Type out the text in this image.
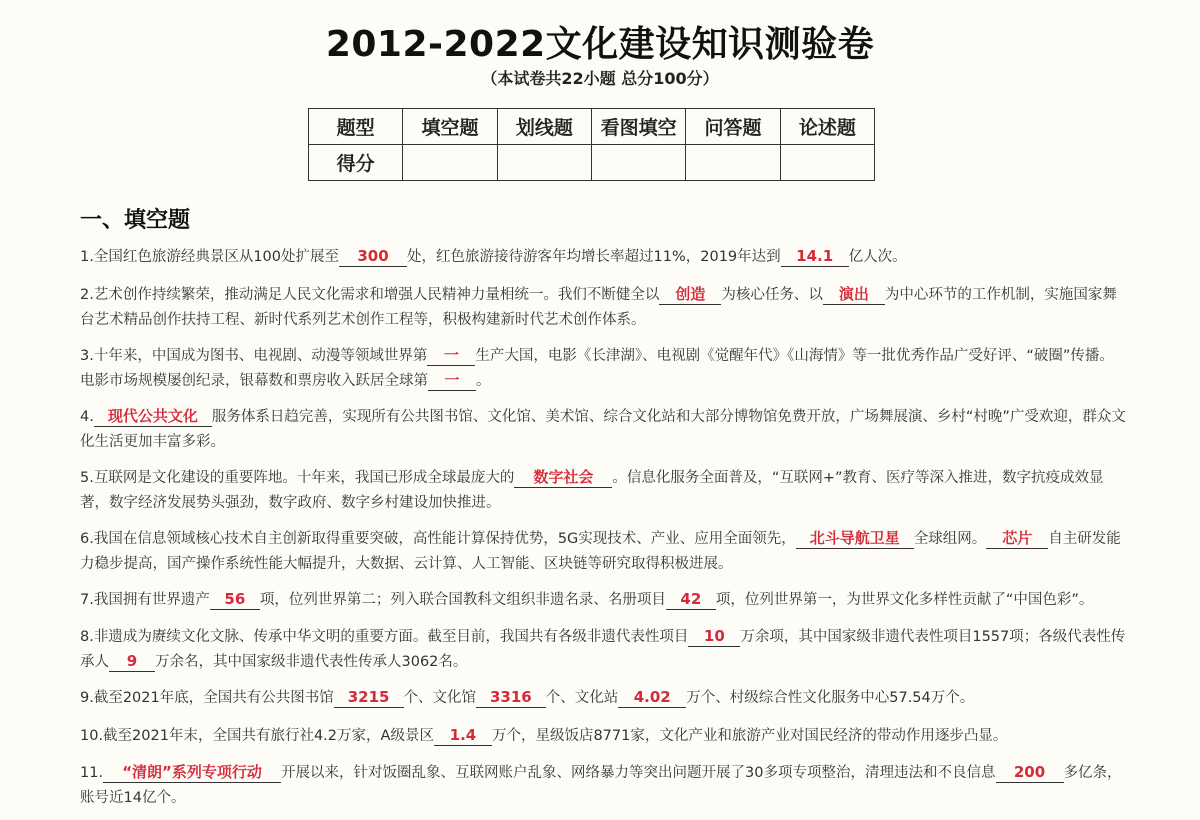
2012-2022文化建设知识测验卷
（本试卷共22小题 总分100分）
题型	填空题	划线题	看图填空	问答题	论述题
得分					
一、填空题
1.全国红色旅游经典景区从100处扩展至 300 处，红色旅游接待游客年均增长率超过11%，2019年达到 14.1 亿人次。
2.艺术创作持续繁荣，推动满足人民文化需求和增强人民精神力量相统一。我们不断健全以 创造 为核心任务、以 演出 为中心环节的工作机制，实施国家舞台艺术精品创作扶持工程、新时代系列艺术创作工程等，积极构建新时代艺术创作体系。
3.十年来，中国成为图书、电视剧、动漫等领域世界第 一 生产大国，电影《长津湖》、电视剧《觉醒年代》《山海情》等一批优秀作品广受好评、“破圈”传播。电影市场规模屡创纪录，银幕数和票房收入跃居全球第 一 。
4. 现代公共文化 服务体系日趋完善，实现所有公共图书馆、文化馆、美术馆、综合文化站和大部分博物馆免费开放，广场舞展演、乡村“村晚”广受欢迎，群众文化生活更加丰富多彩。
5.互联网是文化建设的重要阵地。十年来，我国已形成全球最庞大的 数字社会 。信息化服务全面普及，“互联网+”教育、医疗等深入推进，数字抗疫成效显著，数字经济发展势头强劲，数字政府、数字乡村建设加快推进。
6.我国在信息领域核心技术自主创新取得重要突破，高性能计算保持优势，5G实现技术、产业、应用全面领先， 北斗导航卫星 全球组网。 芯片 自主研发能力稳步提高，国产操作系统性能大幅提升，大数据、云计算、人工智能、区块链等研究取得积极进展。
7.我国拥有世界遗产 56 项，位列世界第二；列入联合国教科文组织非遗名录、名册项目 42 项，位列世界第一，为世界文化多样性贡献了“中国色彩”。
8.非遗成为赓续文化文脉、传承中华文明的重要方面。截至目前，我国共有各级非遗代表性项目 10 万余项，其中国家级非遗代表性项目1557项；各级代表性传承人 9 万余名，其中国家级非遗代表性传承人3062名。
9.截至2021年底，全国共有公共图书馆 3215 个、文化馆 3316 个、文化站 4.02 万个、村级综合性文化服务中心57.54万个。
10.截至2021年末，全国共有旅行社4.2万家，A级景区 1.4 万个，星级饭店8771家，文化产业和旅游产业对国民经济的带动作用逐步凸显。
11. “清朗”系列专项行动 开展以来，针对饭圈乱象、互联网账户乱象、网络暴力等突出问题开展了30多项专项整治，清理违法和不良信息 200 多亿条，账号近14亿个。
